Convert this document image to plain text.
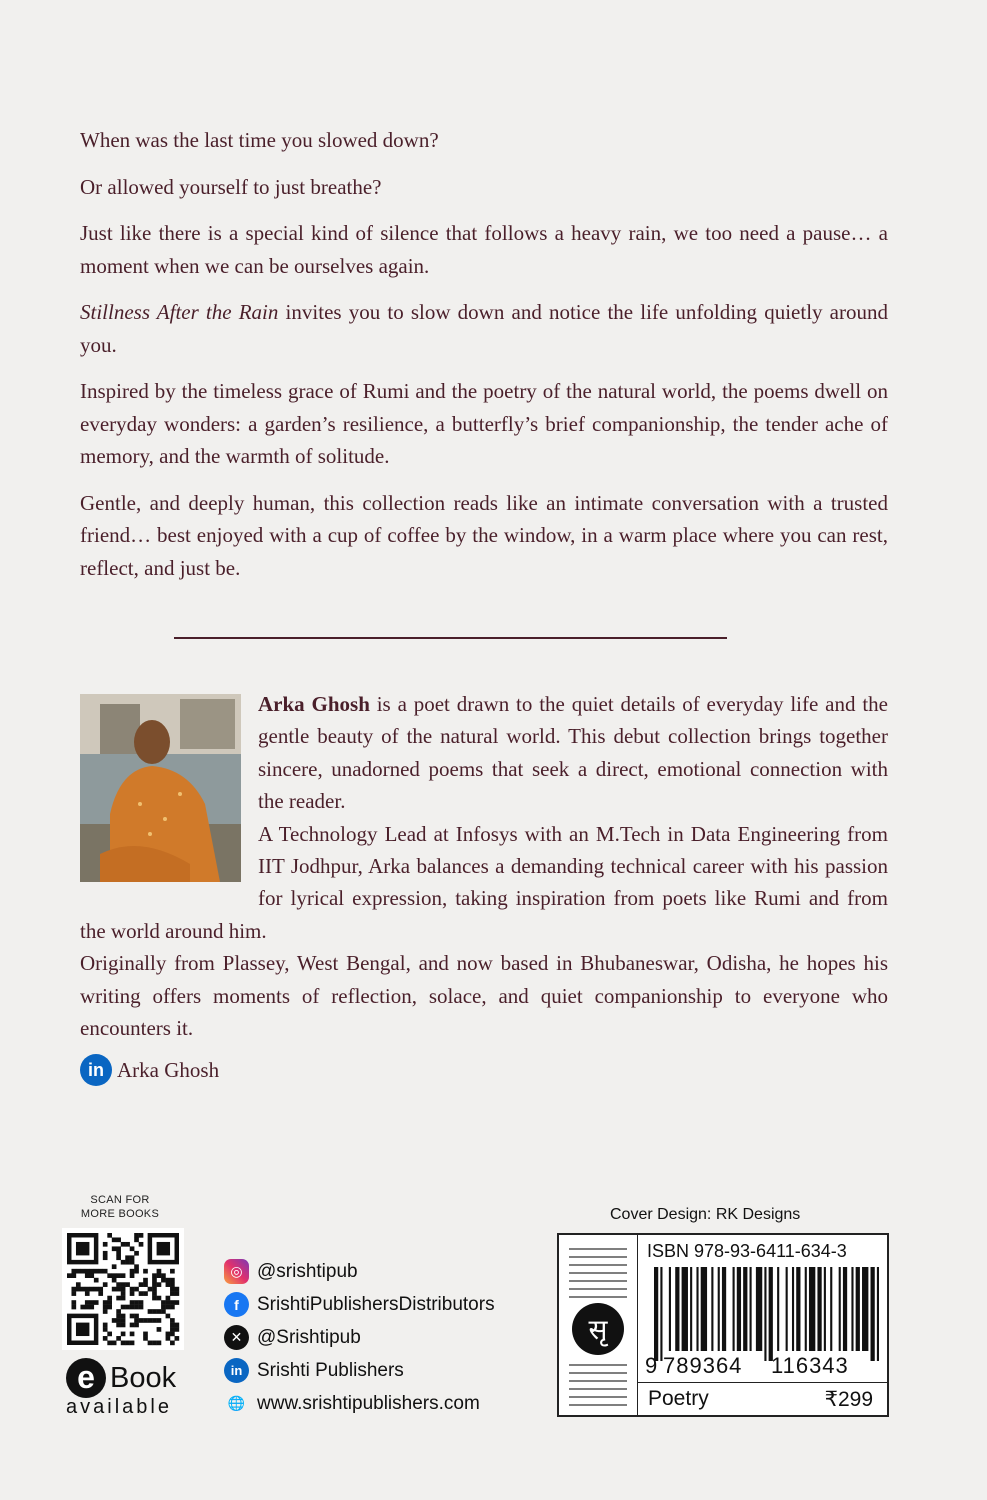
When was the last time you slowed down?

Or allowed yourself to just breathe?

Just like there is a special kind of silence that follows a heavy rain, we too need a pause… a moment when we can be ourselves again.

Stillness After the Rain invites you to slow down and notice the life unfolding quietly around you.

Inspired by the timeless grace of Rumi and the poetry of the natural world, the poems dwell on everyday wonders: a garden’s resilience, a butterfly’s brief companionship, the tender ache of memory, and the warmth of solitude.

Gentle, and deeply human, this collection reads like an intimate conversation with a trusted friend… best enjoyed with a cup of coffee by the window, in a warm place where you can rest, reflect, and just be.

Arka Ghosh is a poet drawn to the quiet details of everyday life and the gentle beauty of the natural world. This debut collection brings together sincere, unadorned poems that seek a direct, emotional connection with the reader.

A Technology Lead at Infosys with an M.Tech in Data Engineering from IIT Jodhpur, Arka balances a demanding technical career with his passion for lyrical expression, taking inspiration from poets like Rumi and from the world around him.

Originally from Plassey, West Bengal, and now based in Bhubaneswar, Odisha, he hopes his writing offers moments of reflection, solace, and quiet companionship to everyone who encounters it.

in Arka Ghosh
SCAN FOR
MORE BOOKS
e Book
available
◎ @srishtipub
f SrishtiPublishersDistributors
✕ @Srishtipub
in Srishti Publishers
🌐 www.srishtipublishers.com
Cover Design: RK Designs
सृ
ISBN 978-93-6411-634-3
9 789364 116343
Poetry	₹299
